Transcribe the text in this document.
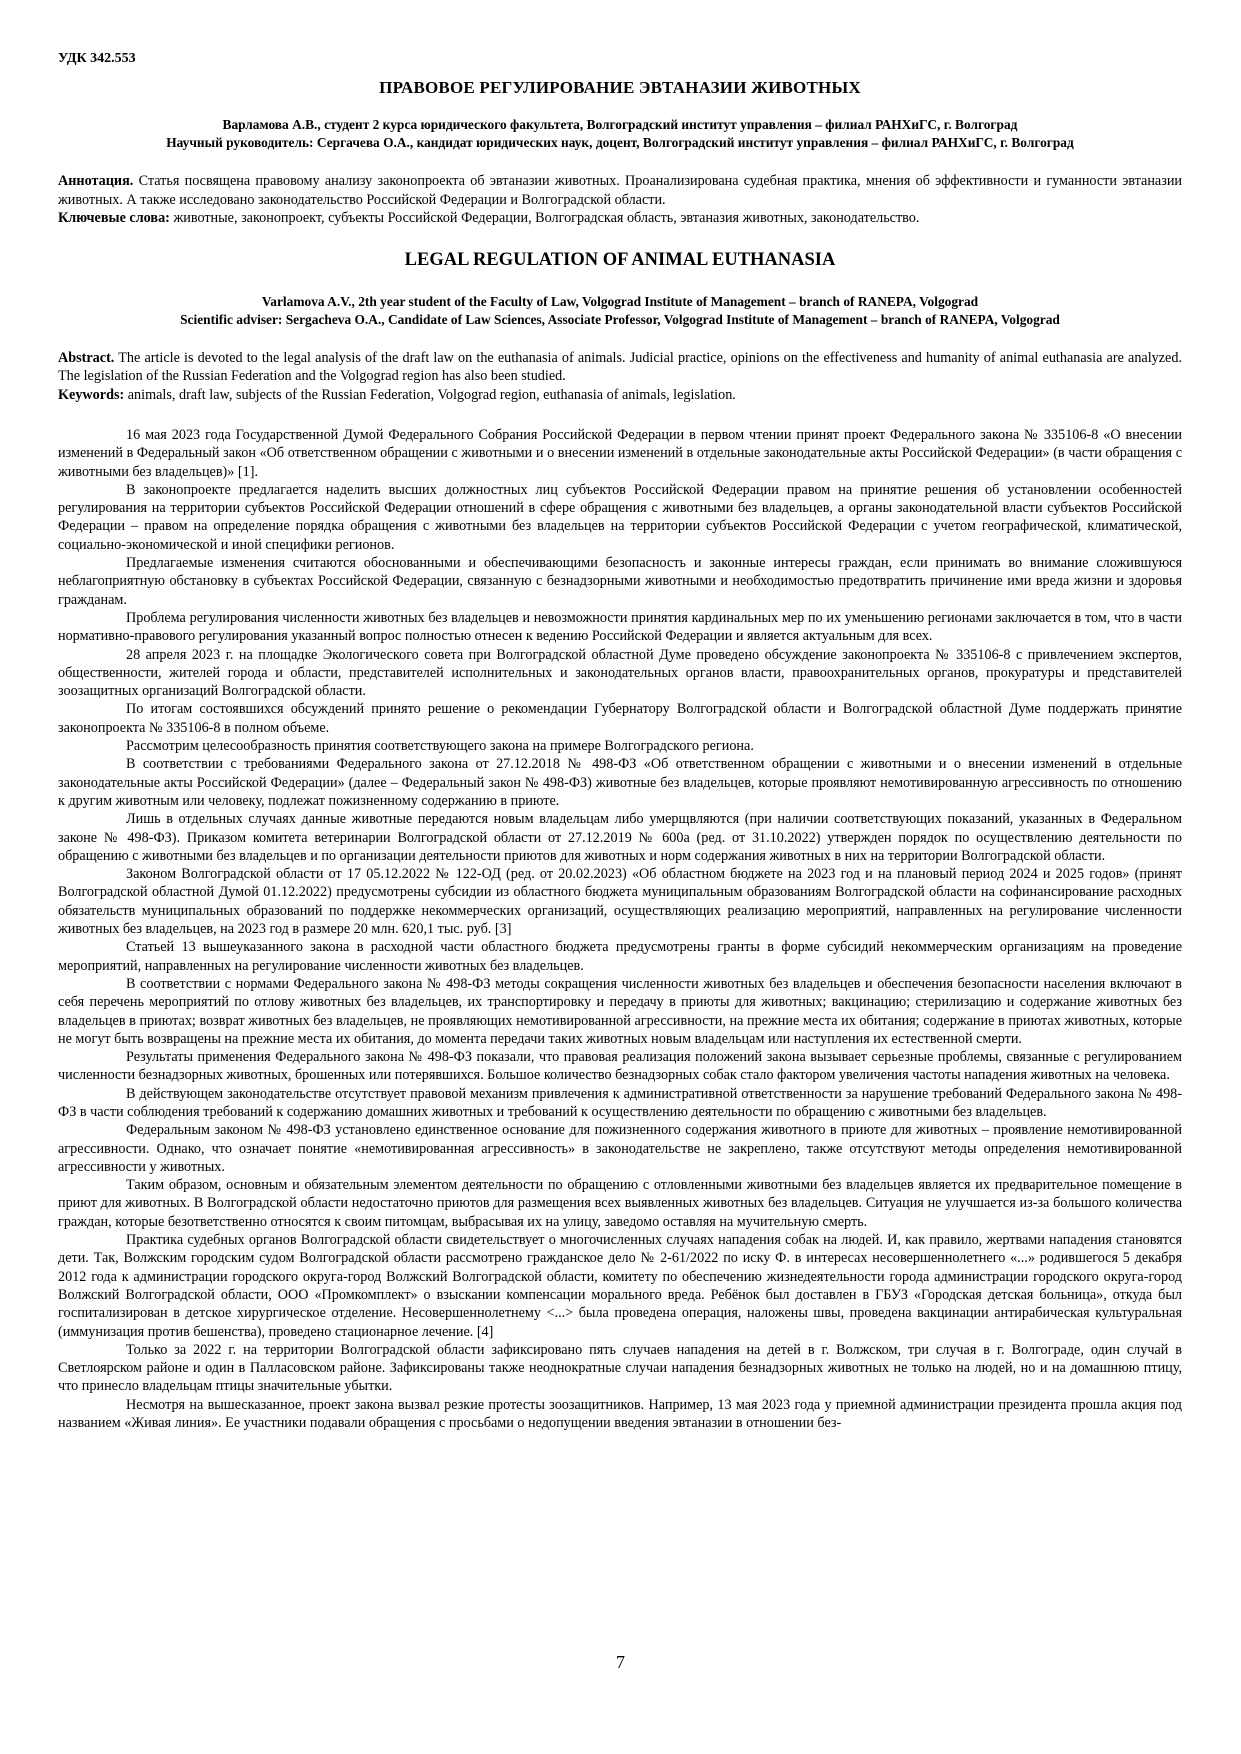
УДК 342.553
ПРАВОВОЕ РЕГУЛИРОВАНИЕ ЭВТАНАЗИИ ЖИВОТНЫХ
Варламова А.В., студент 2 курса юридического факультета, Волгоградский институт управления – филиал РАНХиГС, г. Волгоград
Научный руководитель: Сергачева О.А., кандидат юридических наук, доцент, Волгоградский институт управления – филиал РАНХиГС, г. Волгоград
Аннотация. Статья посвящена правовому анализу законопроекта об эвтаназии животных. Проанализирована судебная практика, мнения об эффективности и гуманности эвтаназии животных. А также исследовано законодательство Российской Федерации и Волгоградской области.
Ключевые слова: животные, законопроект, субъекты Российской Федерации, Волгоградская область, эвтаназия животных, законодательство.
LEGAL REGULATION OF ANIMAL EUTHANASIA
Varlamova A.V., 2th year student of the Faculty of Law, Volgograd Institute of Management – branch of RANEPA, Volgograd
Scientific adviser: Sergacheva O.A., Candidate of Law Sciences, Associate Professor, Volgograd Institute of Management – branch of RANEPA, Volgograd
Abstract. The article is devoted to the legal analysis of the draft law on the euthanasia of animals. Judicial practice, opinions on the effectiveness and humanity of animal euthanasia are analyzed. The legislation of the Russian Federation and the Volgograd region has also been studied.
Keywords: animals, draft law, subjects of the Russian Federation, Volgograd region, euthanasia of animals, legislation.

16 мая 2023 года Государственной Думой Федерального Собрания Российской Федерации в первом чтении принят проект Федерального закона № 335106-8 «О внесении изменений в Федеральный закон «Об ответственном обращении с животными и о внесении изменений в отдельные законодательные акты Российской Федерации» (в части обращения с животными без владельцев)» [1].

В законопроекте предлагается наделить высших должностных лиц субъектов Российской Федерации правом на принятие решения об установлении особенностей регулирования на территории субъектов Российской Федерации отношений в сфере обращения с животными без владельцев, а органы законодательной власти субъектов Российской Федерации – правом на определение порядка обращения с животными без владельцев на территории субъектов Российской Федерации с учетом географической, климатической, социально-экономической и иной специфики регионов.

Предлагаемые изменения считаются обоснованными и обеспечивающими безопасность и законные интересы граждан, если принимать во внимание сложившуюся неблагоприятную обстановку в субъектах Российской Федерации, связанную с безнадзорными животными и необходимостью предотвратить причинение ими вреда жизни и здоровья гражданам.

Проблема регулирования численности животных без владельцев и невозможности принятия кардинальных мер по их уменьшению регионами заключается в том, что в части нормативно-правового регулирования указанный вопрос полностью отнесен к ведению Российской Федерации и является актуальным для всех.

28 апреля 2023 г. на площадке Экологического совета при Волгоградской областной Думе проведено обсуждение законопроекта № 335106-8 с привлечением экспертов, общественности, жителей города и области, представителей исполнительных и законодательных органов власти, правоохранительных органов, прокуратуры и представителей зоозащитных организаций Волгоградской области.

По итогам состоявшихся обсуждений принято решение о рекомендации Губернатору Волгоградской области и Волгоградской областной Думе поддержать принятие законопроекта № 335106-8 в полном объеме.

Рассмотрим целесообразность принятия соответствующего закона на примере Волгоградского региона.

В соответствии с требованиями Федерального закона от 27.12.2018 № 498-ФЗ «Об ответственном обращении с животными и о внесении изменений в отдельные законодательные акты Российской Федерации» (далее – Федеральный закон № 498-ФЗ) животные без владельцев, которые проявляют немотивированную агрессивность по отношению к другим животным или человеку, подлежат пожизненному содержанию в приюте.

Лишь в отдельных случаях данные животные передаются новым владельцам либо умерщвляются (при наличии соответствующих показаний, указанных в Федеральном законе № 498-ФЗ). Приказом комитета ветеринарии Волгоградской области от 27.12.2019 № 600а (ред. от 31.10.2022) утвержден порядок по осуществлению деятельности по обращению с животными без владельцев и по организации деятельности приютов для животных и норм содержания животных в них на территории Волгоградской области.

Законом Волгоградской области от 17 05.12.2022 № 122-ОД (ред. от 20.02.2023) «Об областном бюджете на 2023 год и на плановый период 2024 и 2025 годов» (принят Волгоградской областной Думой 01.12.2022) предусмотрены субсидии из областного бюджета муниципальным образованиям Волгоградской области на софинансирование расходных обязательств муниципальных образований по поддержке некоммерческих организаций, осуществляющих реализацию мероприятий, направленных на регулирование численности животных без владельцев, на 2023 год в размере 20 млн. 620,1 тыс. руб. [3]

Статьей 13 вышеуказанного закона в расходной части областного бюджета предусмотрены гранты в форме субсидий некоммерческим организациям на проведение мероприятий, направленных на регулирование численности животных без владельцев.

В соответствии с нормами Федерального закона № 498-ФЗ методы сокращения численности животных без владельцев и обеспечения безопасности населения включают в себя перечень мероприятий по отлову животных без владельцев, их транспортировку и передачу в приюты для животных; вакцинацию; стерилизацию и содержание животных без владельцев в приютах; возврат животных без владельцев, не проявляющих немотивированной агрессивности, на прежние места их обитания; содержание в приютах животных, которые не могут быть возвращены на прежние места их обитания, до момента передачи таких животных новым владельцам или наступления их естественной смерти.

Результаты применения Федерального закона № 498-ФЗ показали, что правовая реализация положений закона вызывает серьезные проблемы, связанные с регулированием численности безнадзорных животных, брошенных или потерявшихся. Большое количество безнадзорных собак стало фактором увеличения частоты нападения животных на человека.

В действующем законодательстве отсутствует правовой механизм привлечения к административной ответственности за нарушение требований Федерального закона № 498-ФЗ в части соблюдения требований к содержанию домашних животных и требований к осуществлению деятельности по обращению с животными без владельцев.

Федеральным законом № 498-ФЗ установлено единственное основание для пожизненного содержания животного в приюте для животных – проявление немотивированной агрессивности. Однако, что означает понятие «немотивированная агрессивность» в законодательстве не закреплено, также отсутствуют методы определения немотивированной агрессивности у животных.

Таким образом, основным и обязательным элементом деятельности по обращению с отловленными животными без владельцев является их предварительное помещение в приют для животных. В Волгоградской области недостаточно приютов для размещения всех выявленных животных без владельцев. Ситуация не улучшается из-за большого количества граждан, которые безответственно относятся к своим питомцам, выбрасывая их на улицу, заведомо оставляя на мучительную смерть.

Практика судебных органов Волгоградской области свидетельствует о многочисленных случаях нападения собак на людей. И, как правило, жертвами нападения становятся дети. Так, Волжским городским судом Волгоградской области рассмотрено гражданское дело № 2-61/2022 по иску Ф. в интересах несовершеннолетнего «...» родившегося 5 декабря 2012 года к администрации городского округа-город Волжский Волгоградской области, комитету по обеспечению жизнедеятельности города администрации городского округа-город Волжский Волгоградской области, ООО «Промкомплект» о взыскании компенсации морального вреда. Ребёнок был доставлен в ГБУЗ «Городская детская больница», откуда был госпитализирован в детское хирургическое отделение. Несовершеннолетнему <...> была проведена операция, наложены швы, проведена вакцинации антирабическая культуральная (иммунизация против бешенства), проведено стационарное лечение. [4]

Только за 2022 г. на территории Волгоградской области зафиксировано пять случаев нападения на детей в г. Волжском, три случая в г. Волгограде, один случай в Светлоярском районе и один в Палласовском районе. Зафиксированы также неоднократные случаи нападения безнадзорных животных не только на людей, но и на домашнюю птицу, что принесло владельцам птицы значительные убытки.

Несмотря на вышесказанное, проект закона вызвал резкие протесты зоозащитников. Например, 13 мая 2023 года у приемной администрации президента прошла акция под названием «Живая линия». Ее участники подавали обращения с просьбами о недопущении введения эвтаназии в отношении без-

7
